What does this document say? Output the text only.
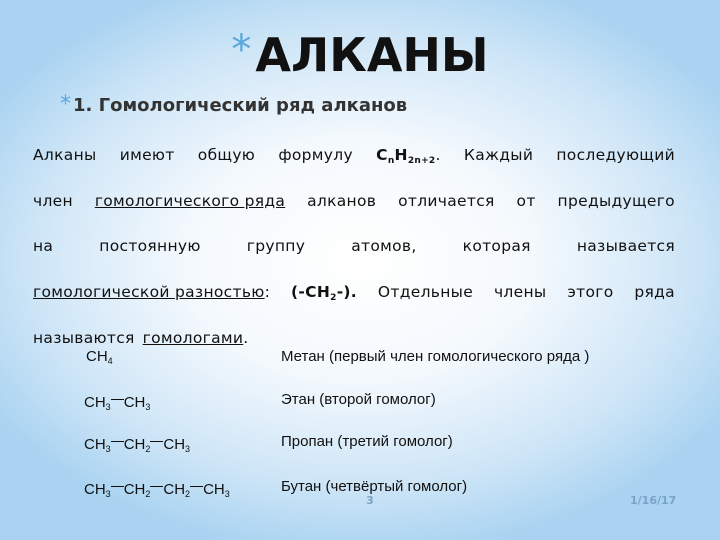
*АЛКАНЫ
* 1. Гомологический ряд алканов
Алканы имеют общую формулу $C_nH_{2n+2}$. Каждый последующий
член гомологического ряда алканов отличается от предыдущего
на	постоянную	группу	атомов,	которая	называется
гомологической разностью: $(-CH_2-)$. Отдельные члены этого ряда
называются гомологами.
$CH_4$	Метан (первый член гомологического ряда )
$CH_3$ $CH_3$	Этан (второй гомолог)
$CH_3$ $CH_2$ $CH_3$	Пропан (третий гомолог)
$CH_3$ $CH_2$ $CH_2$ $CH_3$	Бутан (четвёртый гомолог)
3	1/16/17
